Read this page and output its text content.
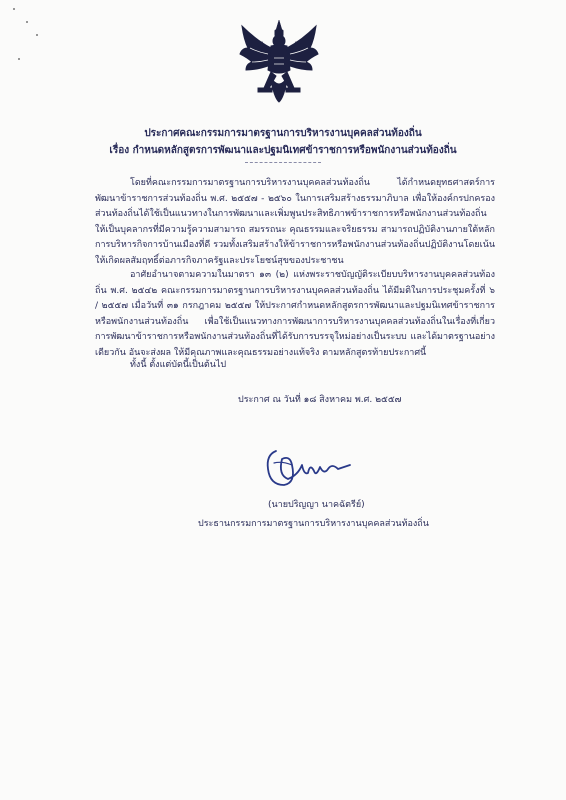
ประกาศคณะกรรมการมาตรฐานการบริหารงานบุคคลส่วนท้องถิ่น
เรื่อง กำหนดหลักสูตรการพัฒนาและปฐมนิเทศข้าราชการหรือพนักงานส่วนท้องถิ่น
โดยที่คณะกรรมการมาตรฐานการบริหารงานบุคคลส่วนท้องถิ่น ได้กำหนดยุทธศาสตร์การพัฒนาข้าราชการส่วนท้องถิ่น พ.ศ. ๒๕๕๗ - ๒๕๖๐ ในการเสริมสร้างธรรมาภิบาล เพื่อให้องค์กรปกครองส่วนท้องถิ่นได้ใช้เป็นแนวทางในการพัฒนาและเพิ่มพูนประสิทธิภาพข้าราชการหรือพนักงานส่วนท้องถิ่น ให้เป็นบุคลากรที่มีความรู้ความสามารถ สมรรถนะ คุณธรรมและจริยธรรม สามารถปฏิบัติงานภายใต้หลักการบริหารกิจการบ้านเมืองที่ดี รวมทั้งเสริมสร้างให้ข้าราชการหรือพนักงานส่วนท้องถิ่นปฏิบัติงานโดยเน้นให้เกิดผลสัมฤทธิ์ต่อภารกิจภาครัฐและประโยชน์สุขของประชาชน
อาศัยอำนาจตามความในมาตรา ๑๓ (๒) แห่งพระราชบัญญัติระเบียบบริหารงานบุคคลส่วนท้องถิ่น พ.ศ. ๒๕๔๒ คณะกรรมการมาตรฐานการบริหารงานบุคคลส่วนท้องถิ่น ได้มีมติในการประชุมครั้งที่ ๖ / ๒๕๕๗ เมื่อวันที่ ๓๑ กรกฎาคม ๒๕๕๗ ให้ประกาศกำหนดหลักสูตรการพัฒนาและปฐมนิเทศข้าราชการหรือพนักงานส่วนท้องถิ่น เพื่อใช้เป็นแนวทางการพัฒนาการบริหารงานบุคคลส่วนท้องถิ่นในเรื่องที่เกี่ยวการพัฒนาข้าราชการหรือพนักงานส่วนท้องถิ่นที่ได้รับการบรรจุใหม่อย่างเป็นระบบ และได้มาตรฐานอย่างเดียวกัน อันจะส่งผล ให้มีคุณภาพและคุณธรรมอย่างแท้จริง ตามหลักสูตรท้ายประกาศนี้
ทั้งนี้ ตั้งแต่บัดนี้เป็นต้นไป
ประกาศ ณ วันที่ ๑๘ สิงหาคม พ.ศ. ๒๕๕๗
(นายปริญญา นาคฉัตรีย์)
ประธานกรรมการมาตรฐานการบริหารงานบุคคลส่วนท้องถิ่น
